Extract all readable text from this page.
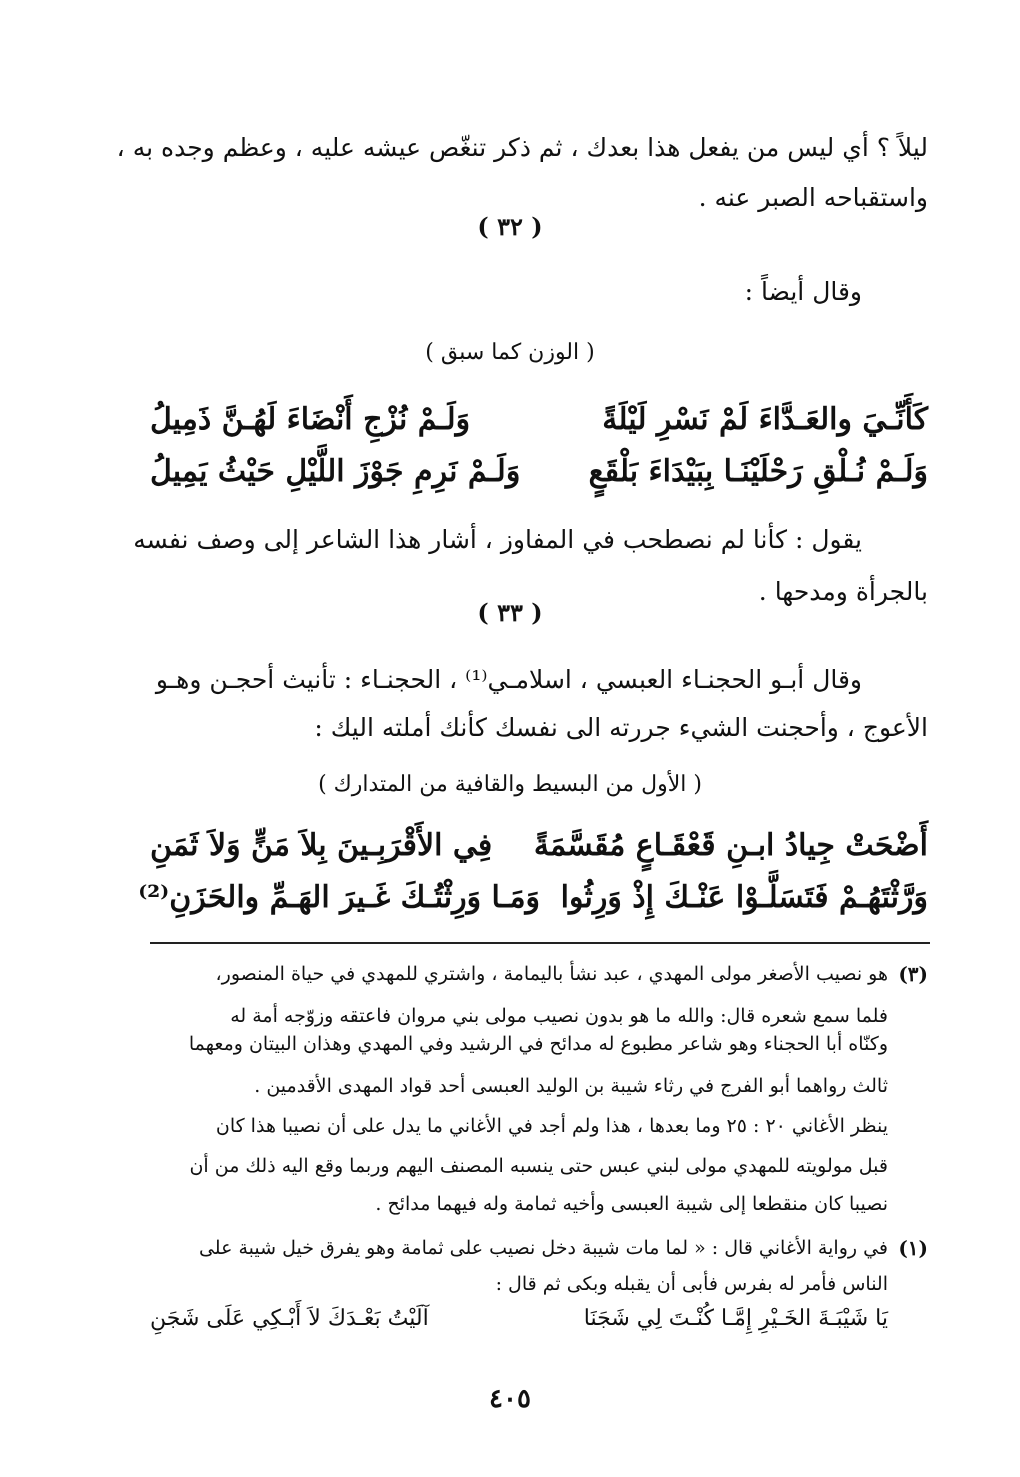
ليلاً ؟ أي ليس من يفعل هذا بعدك ، ثم ذكر تنغّص عيشه عليه ، وعظم وجده به ،
واستقباحه الصبر عنه .
( ٣٢ )
وقال أيضاً :
( الوزن كما سبق )
كَأَنِّـيَ والعَـدَّاءَ لَمْ نَسْرِ لَيْلَةً
وَلَـمْ نُزْجِ أَنْضَاءَ لَهُـنَّ ذَمِيلُ
وَلَـمْ نُـلْقِ رَحْلَيْنَـا بِبَيْدَاءَ بَلْقَعٍ
وَلَـمْ نَرِمِ جَوْزَ اللَّيْلِ حَيْثُ يَمِيلُ
يقول : كأنا لم نصطحب في المفاوز ، أشار هذا الشاعر إلى وصف نفسه
بالجرأة ومدحها .
( ٣٣ )
وقال أبـو الحجنـاء العبسي ، اسلامـي⁽¹⁾ ، الحجنـاء : تأنيث أحجـن وهـو
الأعوج ، وأحجنت الشيء جررته الى نفسك كأنك أملته اليك :
( الأول من البسيط والقافية من المتدارك )
أَضْحَتْ جِيادُ ابـنِ قَعْقَـاعٍ مُقَسَّمَةً
فِي الأَقْرَبِـينَ بِلاَ مَنٍّ وَلاَ ثَمَنِ
وَرَّثْتَهُـمْ فَتَسَلَّـوْا عَنْـكَ إِذْ وَرِثُوا
وَمَـا وَرِثْتُـكَ غَـيرَ الهَـمِّ والحَزَنِ⁽²⁾
(٣)
هو نصيب الأصغر مولى المهدي ، عبد نشأ باليمامة ، واشتري للمهدي في حياة المنصور،
فلما سمع شعره قال: والله ما هو بدون نصيب مولى بني مروان فاعتقه وزوّجه أمة له
وكنّاه أبا الحجناء وهو شاعر مطبوع له مدائح في الرشيد وفي المهدي وهذان البيتان ومعهما
ثالث رواهما أبو الفرج في رثاء شيبة بن الوليد العبسى أحد قواد المهدى الأقدمين .
ينظر الأغاني ٢٠ : ٢٥ وما بعدها ، هذا ولم أجد في الأغاني ما يدل على أن نصيبا هذا كان
قبل مولويته للمهدي مولى لبني عبس حتى ينسبه المصنف اليهم وربما وقع اليه ذلك من أن
نصيبا كان منقطعا إلى شيبة العبسى وأخيه ثمامة وله فيهما مدائح .
(١)
في رواية الأغاني قال : « لما مات شيبة دخل نصيب على ثمامة وهو يفرق خيل شيبة على
الناس فأمر له بفرس فأبى أن يقبله وبكى ثم قال :
يَا شَيْبَـةَ الخَـيْرِ إِمَّـا كُنْـتَ لِي شَجَنَا
آلَيْتُ بَعْـدَكَ لاَ أَبْـكِي عَلَى شَجَنِ
٤٠٥
